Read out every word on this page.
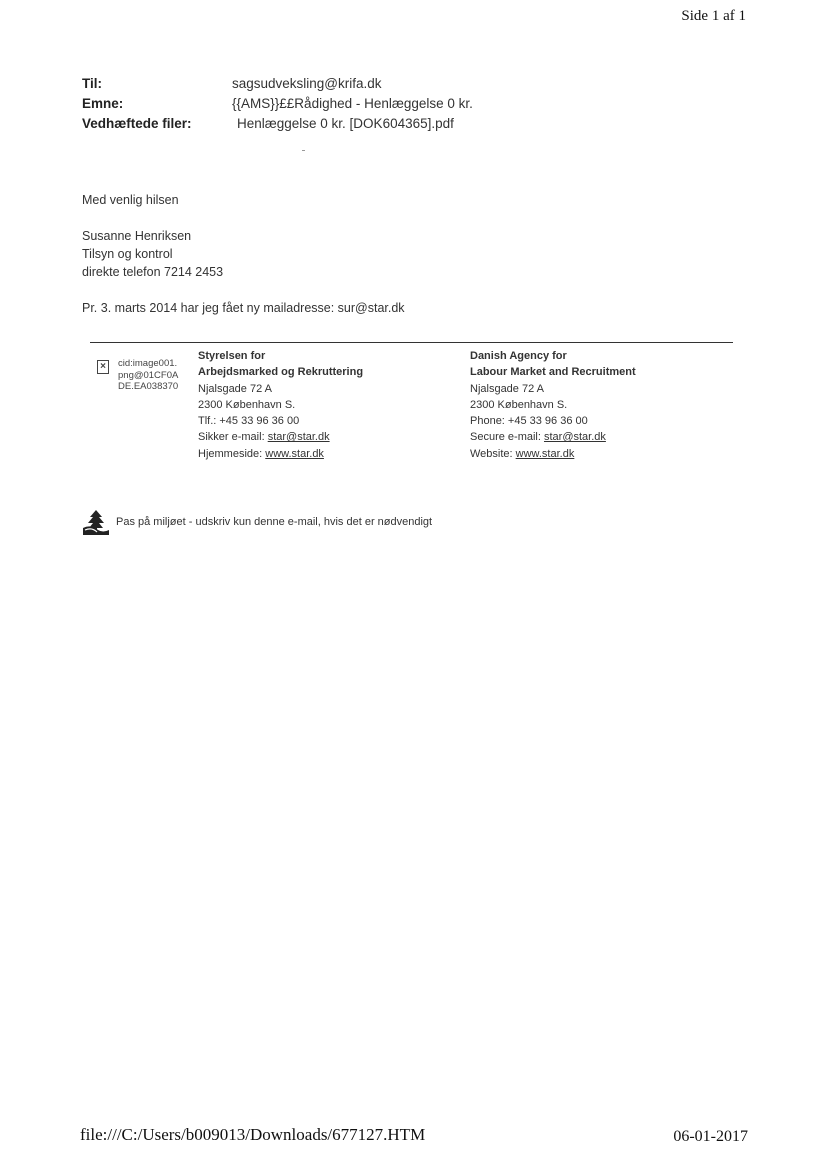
Side 1 af 1
Til:	sagsudveksling@krifa.dk
Emne:	{{AMS}}££Rådighed - Henlæggelse 0 kr.
Vedhæftede filer:	Henlæggelse 0 kr. [DOK604365].pdf
Med venlig hilsen
Susanne Henriksen
Tilsyn og kontrol
direkte telefon 7214 2453
Pr. 3. marts 2014 har jeg fået ny mailadresse: sur@star.dk
×	cid:image001.png@01CF0ADE.EA038370
Styrelsen for
Arbejdsmarked og Rekruttering
Njalsgade 72 A
2300 København S.
Tlf.: +45 33 96 36 00
Sikker e-mail: star@star.dk
Hjemmeside: www.star.dk
Danish Agency for
Labour Market and Recruitment
Njalsgade 72 A
2300 København S.
Phone: +45 33 96 36 00
Secure e-mail: star@star.dk
Website: www.star.dk
Pas på miljøet - udskriv kun denne e-mail, hvis det er nødvendigt
file:///C:/Users/b009013/Downloads/677127.HTM	06-01-2017
